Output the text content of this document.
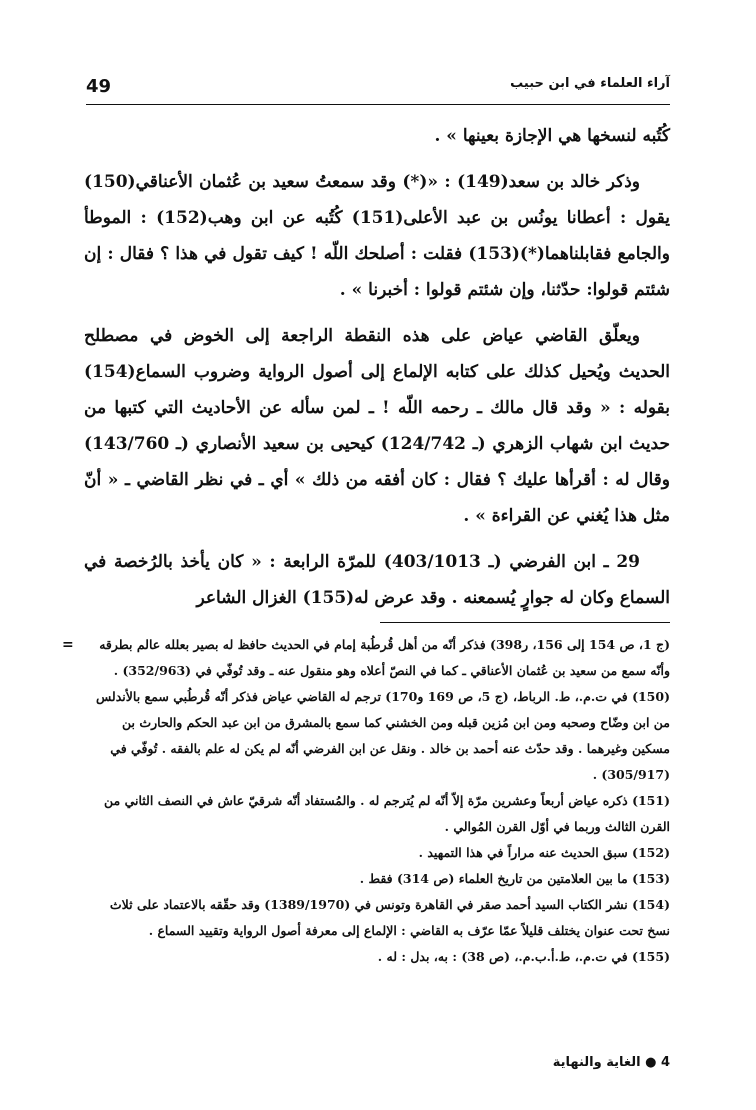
49	آراء العلماء في ابن حبيب

كُتُبه لنسخها هي الإجازة بعينها » .

وذكر خالد بن سعد(149) : «(*) وقد سمعتُ سعيد بن عُثمان الأعناقي(150) يقول : أعطانا يونُس بن عبد الأعلى(151) كُتُبه عن ابن وهب(152) : الموطأ والجامع فقابلناهما(*)(153) فقلت : أصلحك اللّه ! كيف تقول في هذا ؟ فقال : إن شئتم قولوا: حدّثنا، وإن شئتم قولوا : أخبرنا » .

ويعلّق القاضي عياض على هذه النقطة الراجعة إلى الخوض في مصطلح الحديث ويُحيل كذلك على كتابه الإلماع إلى أصول الرواية وضروب السماع(154) بقوله : « وقد قال مالك ـ رحمه اللّه ! ـ لمن سأله عن الأحاديث التي كتبها من حديث ابن شهاب الزهري (ـ 124/742) كيحيى بن سعيد الأنصاري (ـ 143/760) وقال له : أقرأها عليك ؟ فقال : كان أفقه من ذلك » أي ـ في نظر القاضي ـ « أنّ مثل هذا يُغني عن القراءة » .

29 ـ ابن الفرضي (ـ 403/1013) للمرّة الرابعة : « كان يأخذ بالرُخصة في السماع وكان له جوارٍ يُسمعنه . وقد عرض له(155) الغزال الشاعر

=	(ج 1، ص 154 إلى 156، ر398) فذكر أنّه من أهل قُرطُبة إمام في الحديث حافظ له بصير بعلله عالم بطرقه وأنّه سمع من سعيد بن عُثمان الأعناقي ـ كما في النصّ أعلاه وهو منقول عنه ـ وقد تُوفّي في (352/963) .

(150) في ت.م.، ط. الرباط، (ج 5، ص 169 و170) ترجم له القاضي عياض فذكر أنّه قُرطُبي سمع بالأندلس من ابن وضّاح وصحبه ومن ابن مُزين قبله ومن الخشني كما سمع بالمشرق من ابن عبد الحكم والحارث بن مسكين وغيرهما . وقد حدّث عنه أحمد بن خالد . ونقل عن ابن الفرضي أنّه لم يكن له علم بالفقه . تُوفّي في (305/917) .

(151) ذكره عياض أربعاً وعشرين مرّة إلاّ أنّه لم يُترجم له . والمُستفاد أنّه شرقيّ عاش في النصف الثاني من القرن الثالث وربما في أوّل القرن المُوالي .

(152) سبق الحديث عنه مراراً في هذا التمهيد .

(153) ما بين العلامتين من تاريخ العلماء (ص 314) فقط .

(154) نشر الكتاب السيد أحمد صقر في القاهرة وتونس في (1389/1970) وقد حقّقه بالاعتماد على ثلاث نسخ تحت عنوان يختلف قليلاً عمّا عرّف به القاضي : الإلماع إلى معرفة أصول الرواية وتقييد السماع .

(155) في ت.م.، ط.أ.ب.م.، (ص 38) : به، بدل : له .

4 ● الغاية والنهاية
